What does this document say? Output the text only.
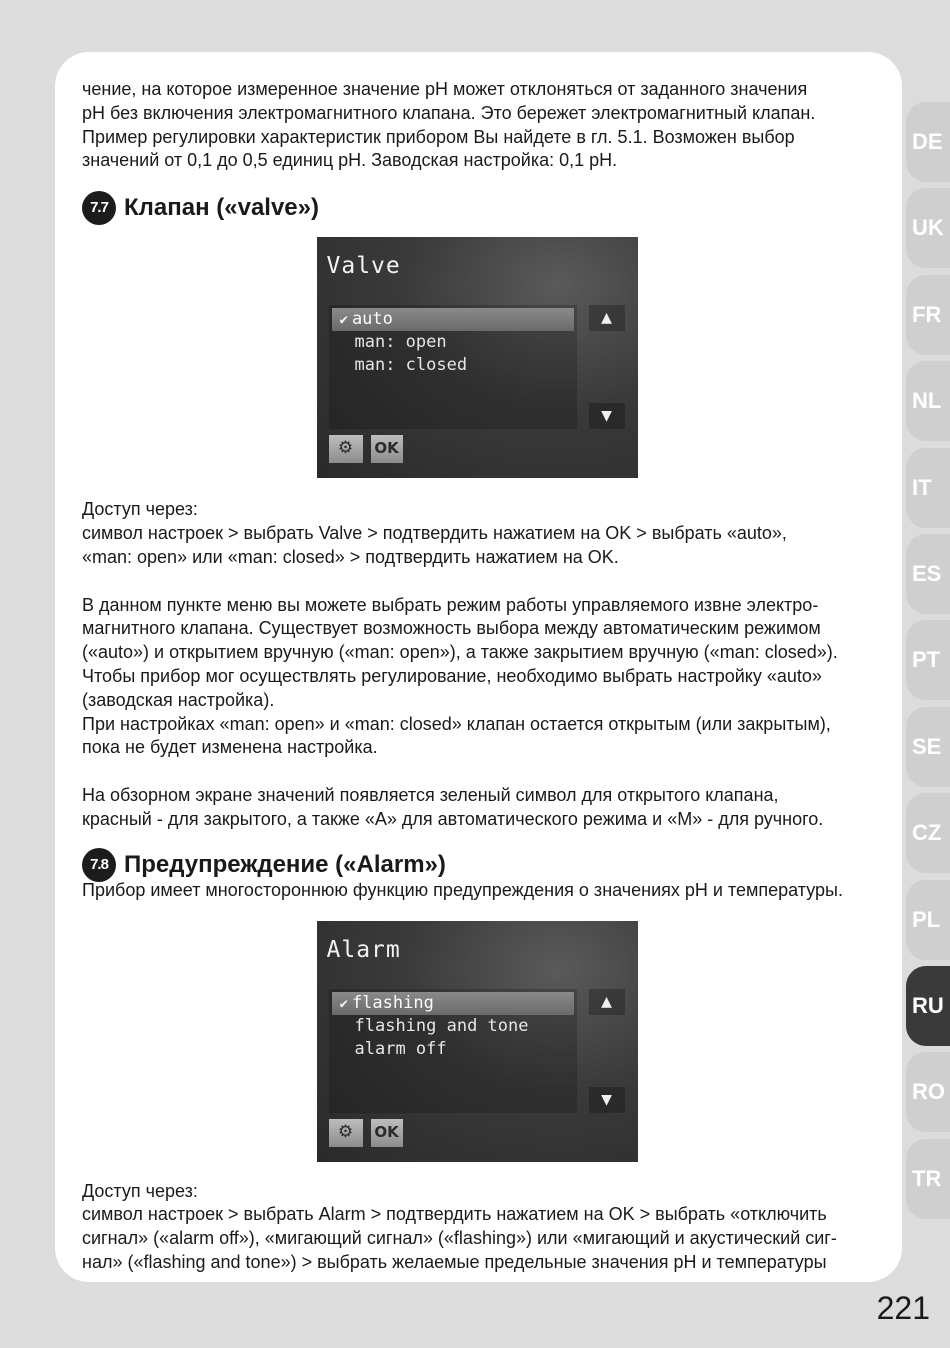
чение, на которое измеренное значение pH может отклоняться от заданного значения

pH без включения электромагнитного клапана. Это бережет электромагнитный клапан.

Пример регулировки характеристик прибором Вы найдете в гл. 5.1. Возможен выбор

значений от 0,1 до 0,5 единиц pH. Заводская настройка: 0,1 pH.

7.7 Клапан («valve»)
Valve
✔ auto
man: open
man: closed
▲
▼
⚙	OK

Доступ через:

символ настроек > выбрать Valve > подтвердить нажатием на OK > выбрать «auto»,

«man: open» или «man: closed» > подтвердить нажатием на OK.

В данном пункте меню вы можете выбрать режим работы управляемого извне электро-

магнитного клапана. Существует возможность выбора между автоматическим режимом

(«auto») и открытием вручную («man: open»), а также закрытием вручную («man: closed»).

Чтобы прибор мог осуществлять регулирование, необходимо выбрать настройку «auto»

(заводская настройка).

При настройках «man: open» и «man: closed» клапан остается открытым (или закрытым),

пока не будет изменена настройка.

На обзорном экране значений появляется зеленый символ для открытого клапана,

красный - для закрытого, а также «A» для автоматического режима и «M» - для ручного.

7.8 Предупреждение («Alarm»)

Прибор имеет многостороннюю функцию предупреждения о значениях pH и температуры.

Alarm
✔ flashing
flashing and tone
alarm off
▲
▼
⚙	OK

Доступ через:

символ настроек > выбрать Alarm > подтвердить нажатием на OK > выбрать «отключить

сигнал» («alarm off»), «мигающий сигнал» («flashing») или «мигающий и акустический сиг-

нал» («flashing and tone») > выбрать желаемые предельные значения pH и температуры

DE
UK
FR
NL
IT
ES
PT
SE
CZ
PL
RU
RO
TR
221
